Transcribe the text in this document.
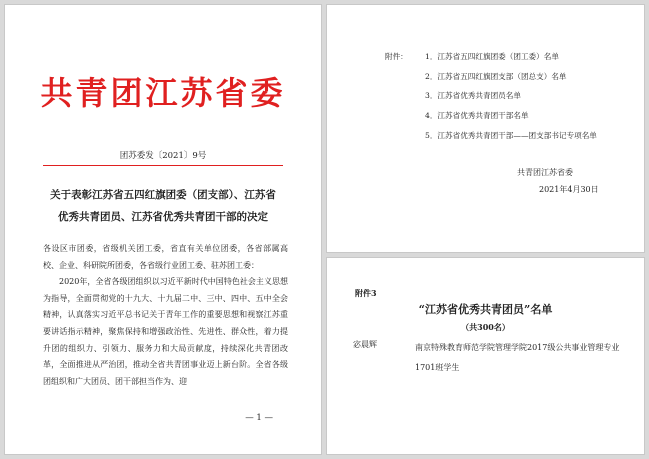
共青团江苏省委
团苏委发〔2021〕9号
关于表彰江苏省五四红旗团委（团支部）、江苏省
优秀共青团员、江苏省优秀共青团干部的决定

各设区市团委，省级机关团工委，省直有关单位团委，各省部属高校、企业、科研院所团委，各省级行业团工委、驻苏团工委：

2020年，全省各级团组织以习近平新时代中国特色社会主义思想为指导，全面贯彻党的十九大、十九届二中、三中、四中、五中全会精神，认真落实习近平总书记关于青年工作的重要思想和视察江苏重要讲话指示精神，聚焦保持和增强政治性、先进性、群众性，着力提升团的组织力、引领力、服务力和大局贡献度，持续深化共青团改革，全面推进从严治团，推动全省共青团事业迈上新台阶。全省各级团组织和广大团员、团干部担当作为、迎

— 1 —
附件：	1．江苏省五四红旗团委（团工委）名单
2．江苏省五四红旗团支部（团总支）名单
3．江苏省优秀共青团员名单
4．江苏省优秀共青团干部名单
5．江苏省优秀共青团干部——团支部书记专项名单
共青团江苏省委
2021年4月30日
附件3
“江苏省优秀共青团员”名单
（共300名）
宓晨辉	南京特殊教育师范学院管理学院2017级公共事业管理专业1701班学生
